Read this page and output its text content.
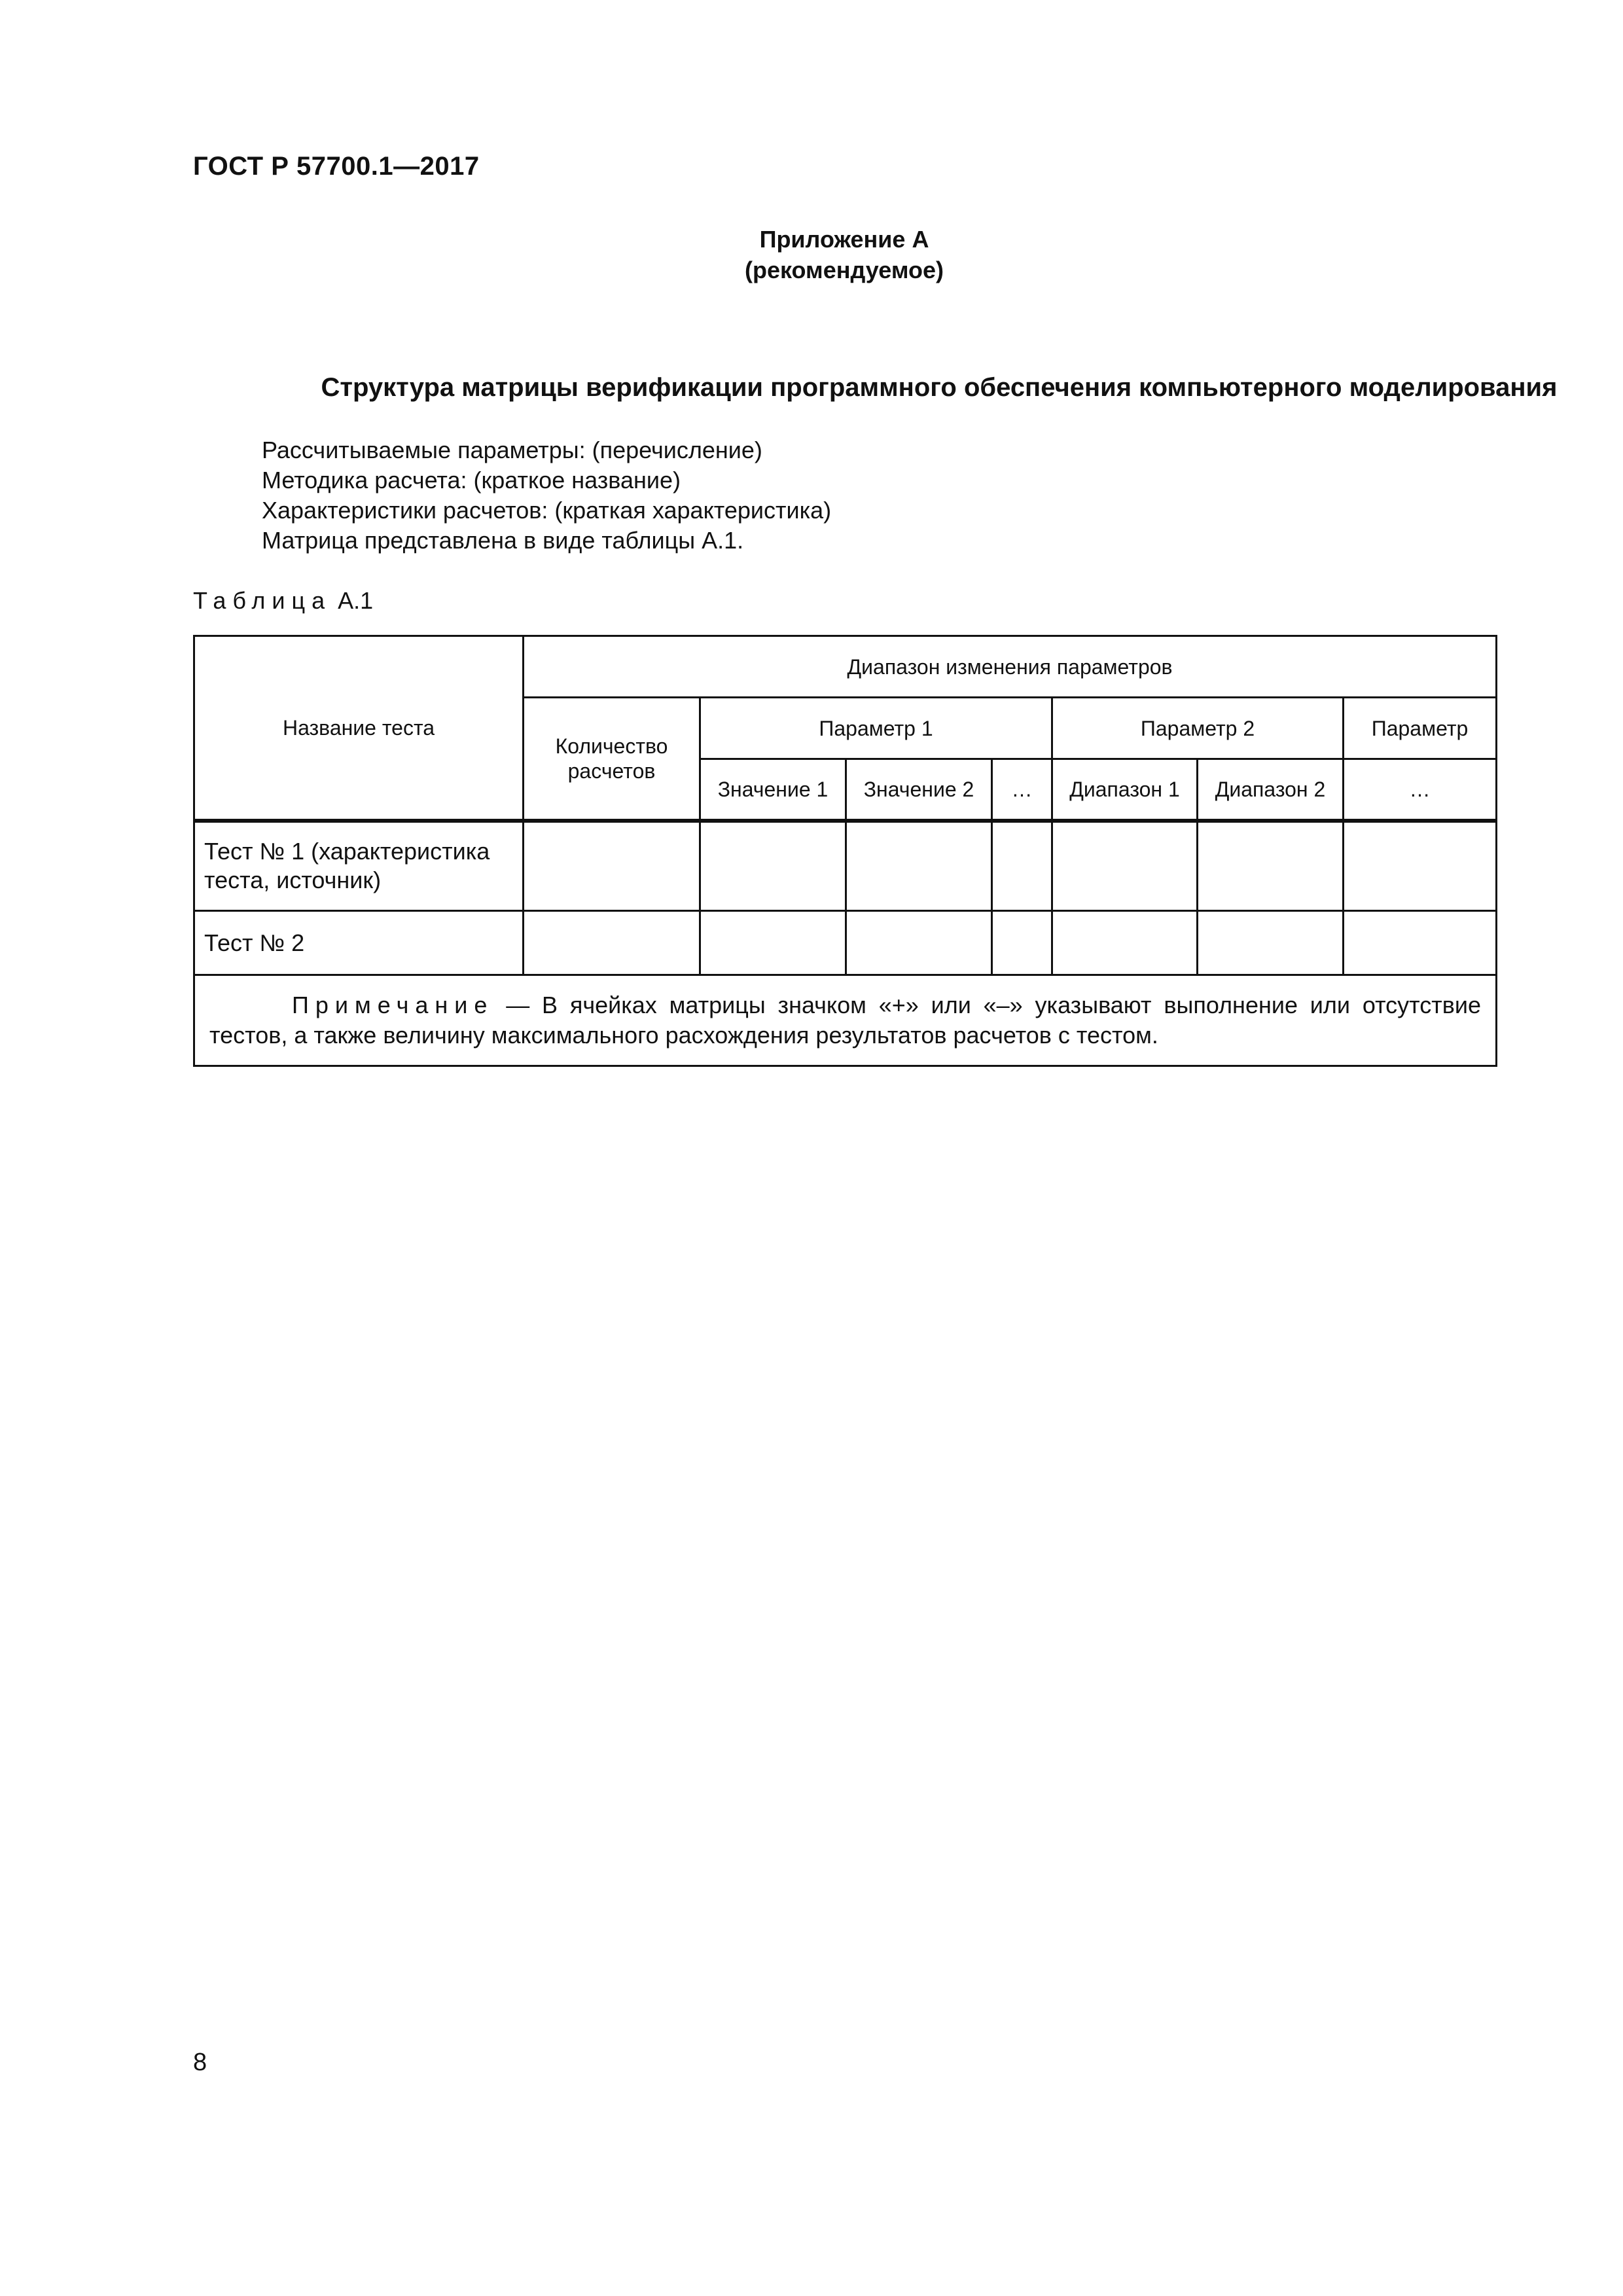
ГОСТ Р 57700.1—2017
Приложение А
(рекомендуемое)
Структура матрицы верификации программного обеспечения компьютерного моделирования
Рассчитываемые параметры: (перечисление)
Методика расчета: (краткое название)
Характеристики расчетов: (краткая характеристика)
Матрица представлена в виде таблицы А.1.
Таблица А.1
Название теста	Диапазон изменения параметров						
	Количество расчетов	Параметр 1			Параметр 2		Параметр
		Значение 1	Значение 2	…	Диапазон 1	Диапазон 2	…
Тест № 1 (характеристика теста, источник)							
Тест № 2							
Примечание — В ячейках матрицы значком «+» или «–» указывают выполнение или отсутствие тестов, а также величину максимального расхождения результатов расчетов с тестом.							
8
